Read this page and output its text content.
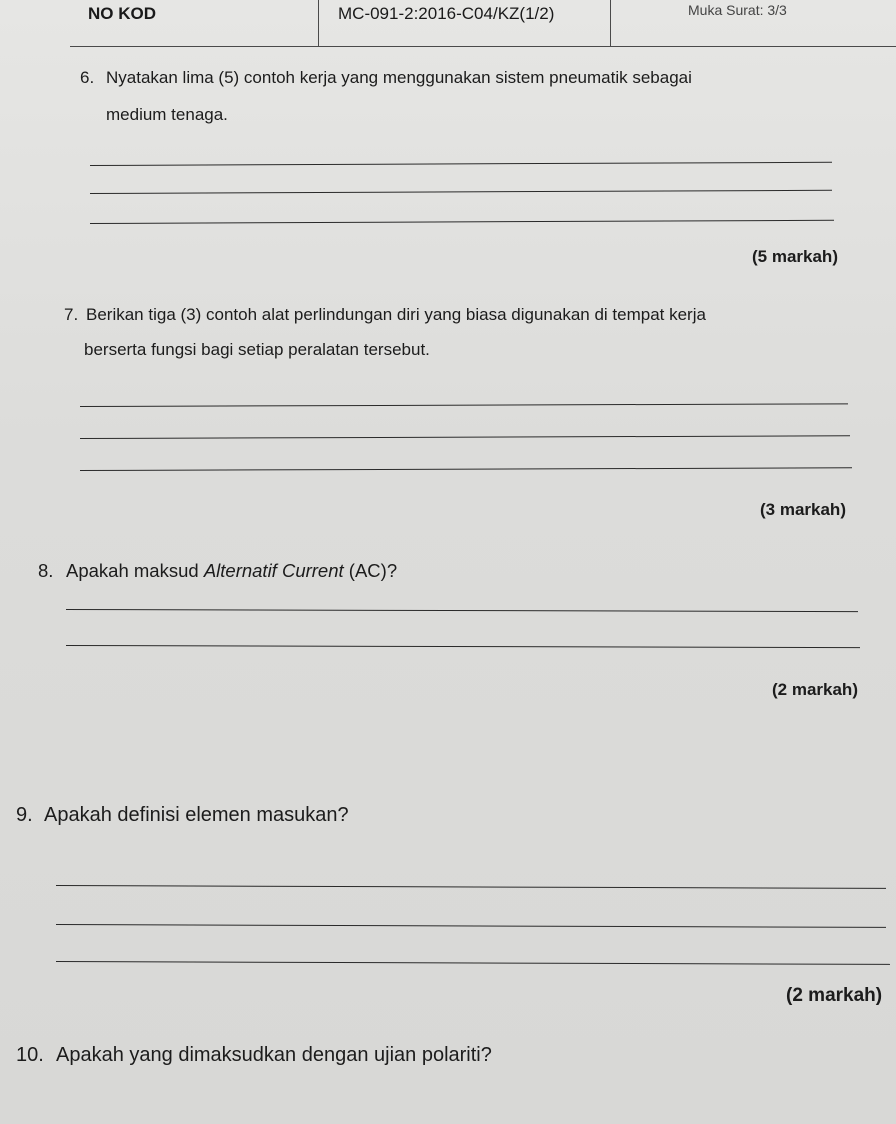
NO KOD	MC-091-2:2016-C04/KZ(1/2)	Muka Surat: 3/3
6. Nyatakan lima (5) contoh kerja yang menggunakan sistem pneumatik sebagai
medium tenaga.
(5 markah)
7. Berikan tiga (3) contoh alat perlindungan diri yang biasa digunakan di tempat kerja
berserta fungsi bagi setiap peralatan tersebut.
(3 markah)
8. Apakah maksud Alternatif Current (AC)?
(2 markah)
9. Apakah definisi elemen masukan?
(2 markah)
10. Apakah yang dimaksudkan dengan ujian polariti?
